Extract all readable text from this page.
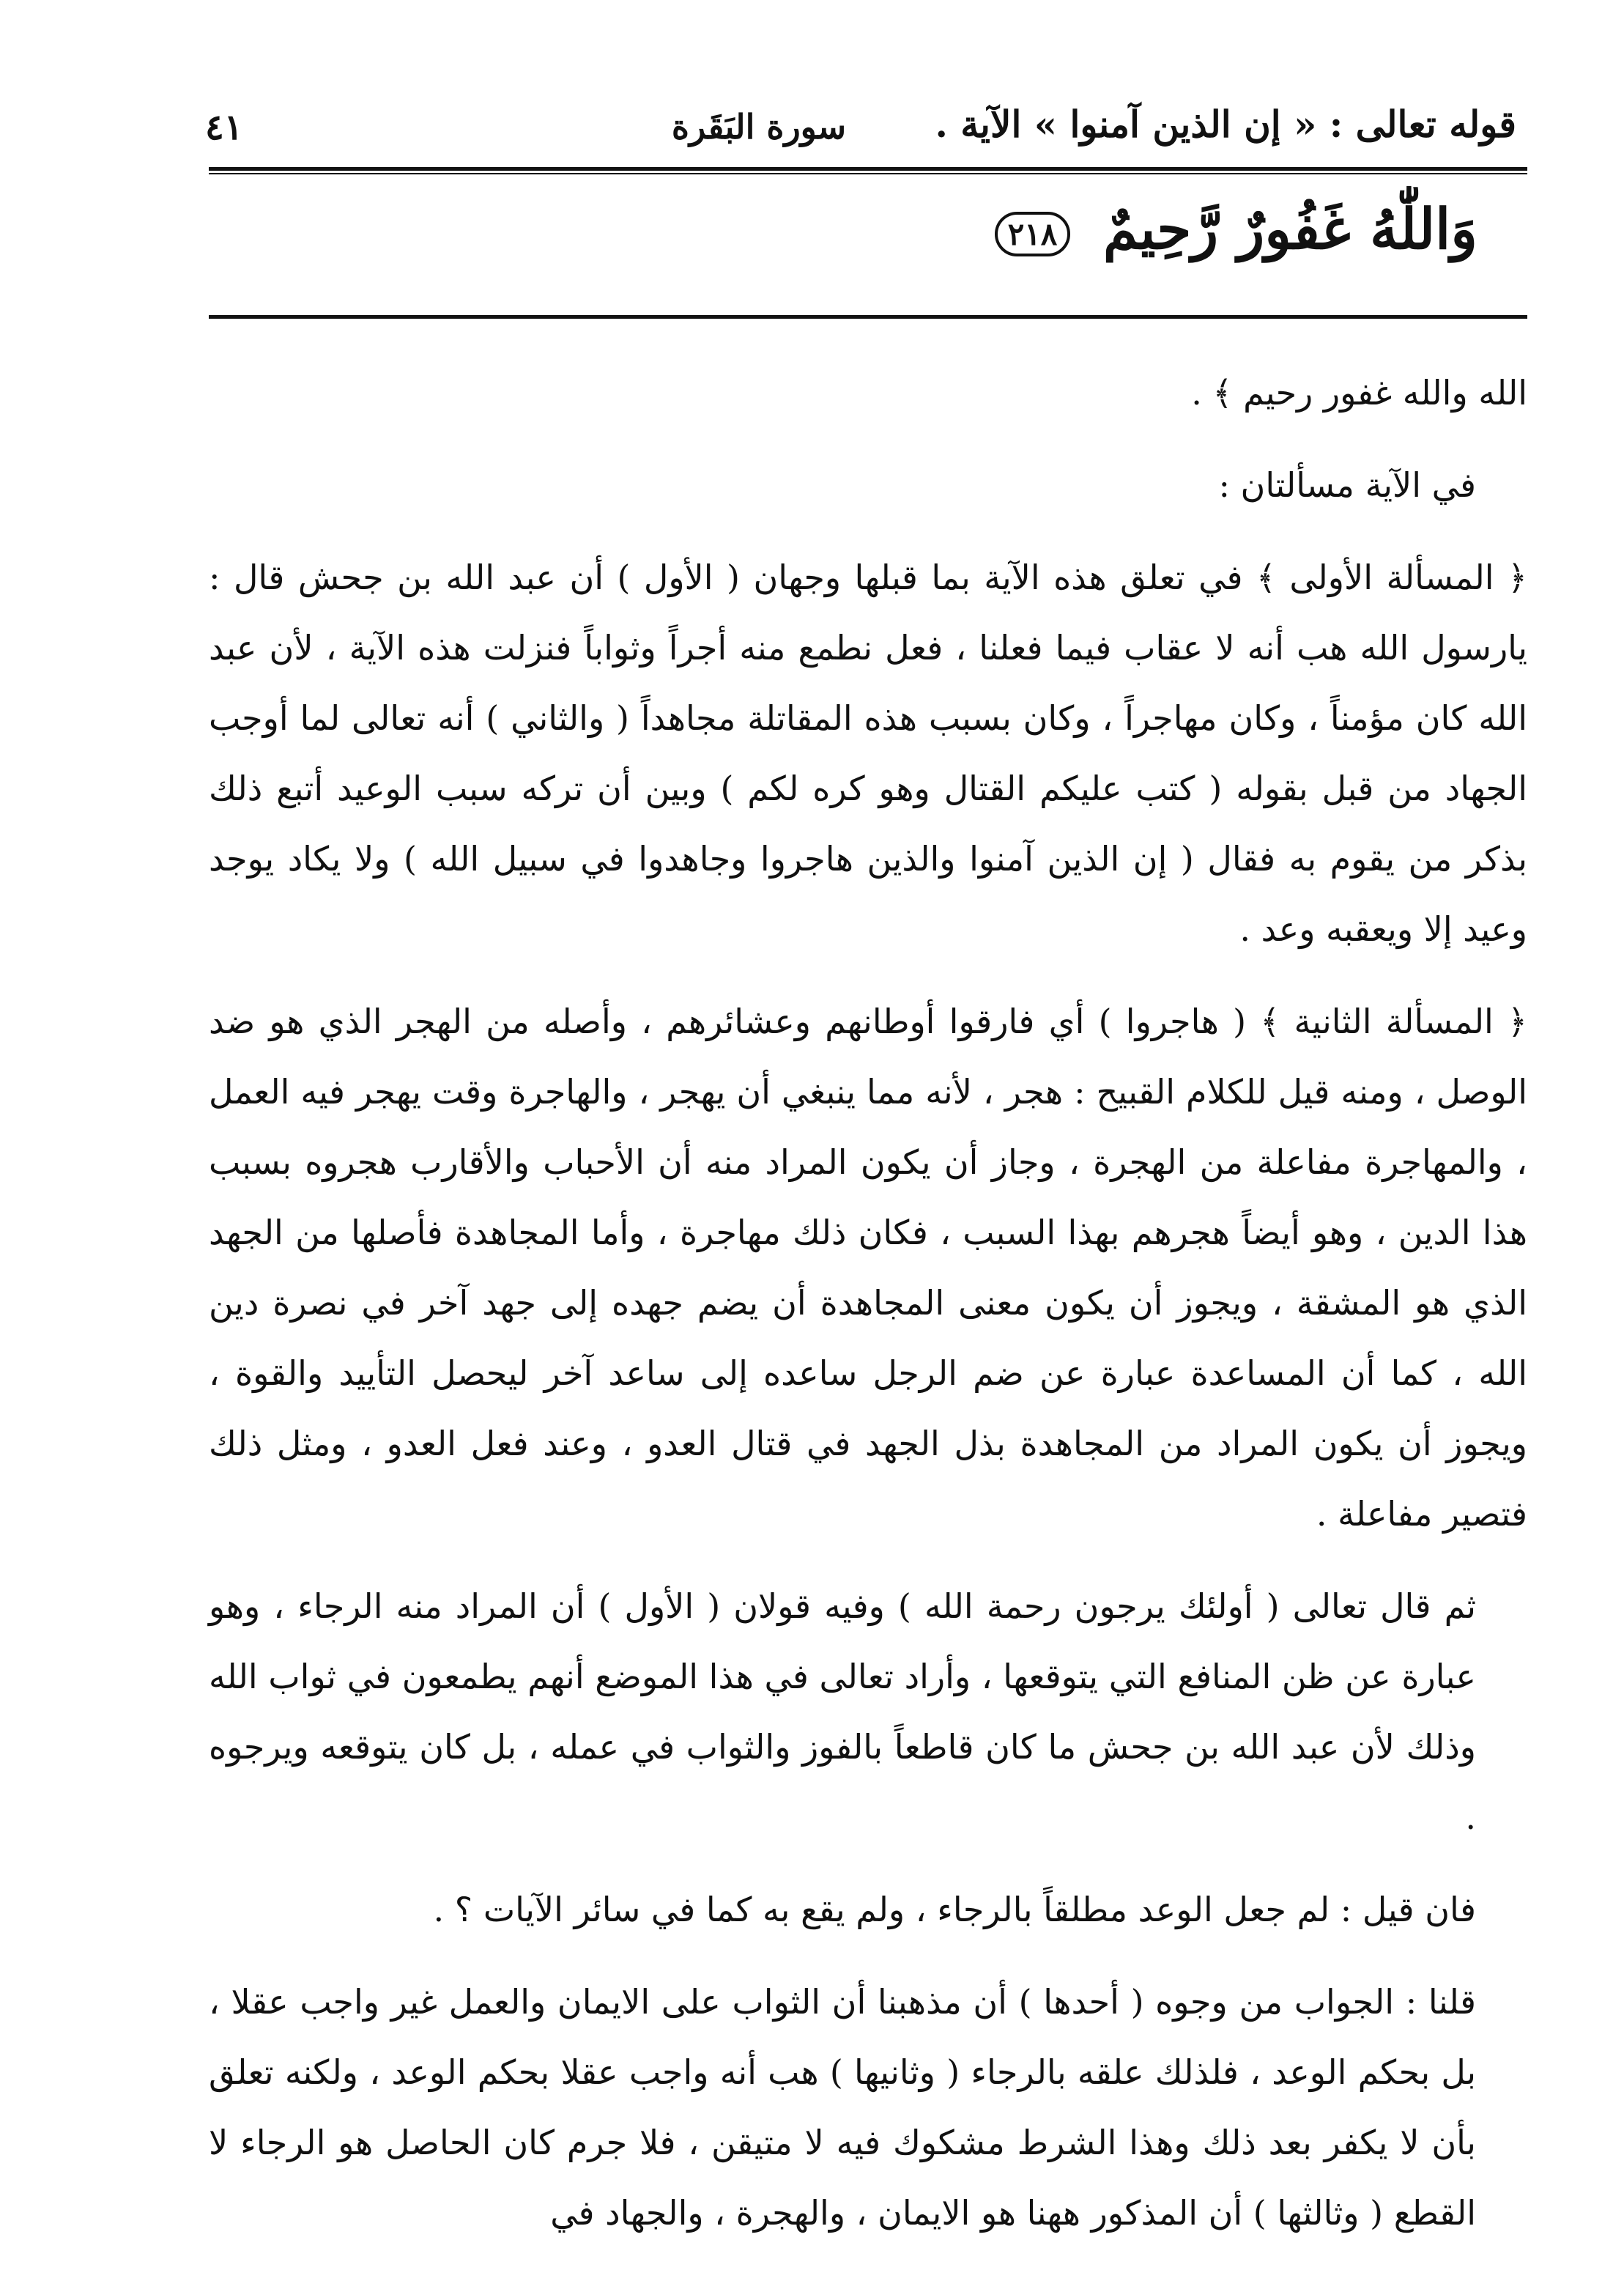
قوله تعالى : « إن الذين آمنوا » الآية .
سورة البَقَرة
٤١
وَاللّٰهُ غَفُورٌ رَّحِيمٌ ٢١٨

الله والله غفور رحيم ﴾ .

في الآية مسألتان :

﴿ المسألة الأولى ﴾ في تعلق هذه الآية بما قبلها وجهان ( الأول ) أن عبد الله بن جحش قال : يارسول الله هب أنه لا عقاب فيما فعلنا ، فعل نطمع منه أجراً وثواباً فنزلت هذه الآية ، لأن عبد الله كان مؤمناً ، وكان مهاجراً ، وكان بسبب هذه المقاتلة مجاهداً ( والثاني ) أنه تعالى لما أوجب الجهاد من قبل بقوله ( كتب عليكم القتال وهو كره لكم ) وبين أن تركه سبب الوعيد أتبع ذلك بذكر من يقوم به فقال ( إن الذين آمنوا والذين هاجروا وجاهدوا في سبيل الله ) ولا يكاد يوجد وعيد إلا ويعقبه وعد .

﴿ المسألة الثانية ﴾ ( هاجروا ) أي فارقوا أوطانهم وعشائرهم ، وأصله من الهجر الذي هو ضد الوصل ، ومنه قيل للكلام القبيح : هجر ، لأنه مما ينبغي أن يهجر ، والهاجرة وقت يهجر فيه العمل ، والمهاجرة مفاعلة من الهجرة ، وجاز أن يكون المراد منه أن الأحباب والأقارب هجروه بسبب هذا الدين ، وهو أيضاً هجرهم بهذا السبب ، فكان ذلك مهاجرة ، وأما المجاهدة فأصلها من الجهد الذي هو المشقة ، ويجوز أن يكون معنى المجاهدة أن يضم جهده إلى جهد آخر في نصرة دين الله ، كما أن المساعدة عبارة عن ضم الرجل ساعده إلى ساعد آخر ليحصل التأييد والقوة ، ويجوز أن يكون المراد من المجاهدة بذل الجهد في قتال العدو ، وعند فعل العدو ، ومثل ذلك فتصير مفاعلة .

ثم قال تعالى ( أولئك يرجون رحمة الله ) وفيه قولان ( الأول ) أن المراد منه الرجاء ، وهو عبارة عن ظن المنافع التي يتوقعها ، وأراد تعالى في هذا الموضع أنهم يطمعون في ثواب الله وذلك لأن عبد الله بن جحش ما كان قاطعاً بالفوز والثواب في عمله ، بل كان يتوقعه ويرجوه .

فان قيل : لم جعل الوعد مطلقاً بالرجاء ، ولم يقع به كما في سائر الآيات ؟ .

قلنا : الجواب من وجوه ( أحدها ) أن مذهبنا أن الثواب على الايمان والعمل غير واجب عقلا ، بل بحكم الوعد ، فلذلك علقه بالرجاء ( وثانيها ) هب أنه واجب عقلا بحكم الوعد ، ولكنه تعلق بأن لا يكفر بعد ذلك وهذا الشرط مشكوك فيه لا متيقن ، فلا جرم كان الحاصل هو الرجاء لا القطع ( وثالثها ) أن المذكور ههنا هو الايمان ، والهجرة ، والجهاد في
